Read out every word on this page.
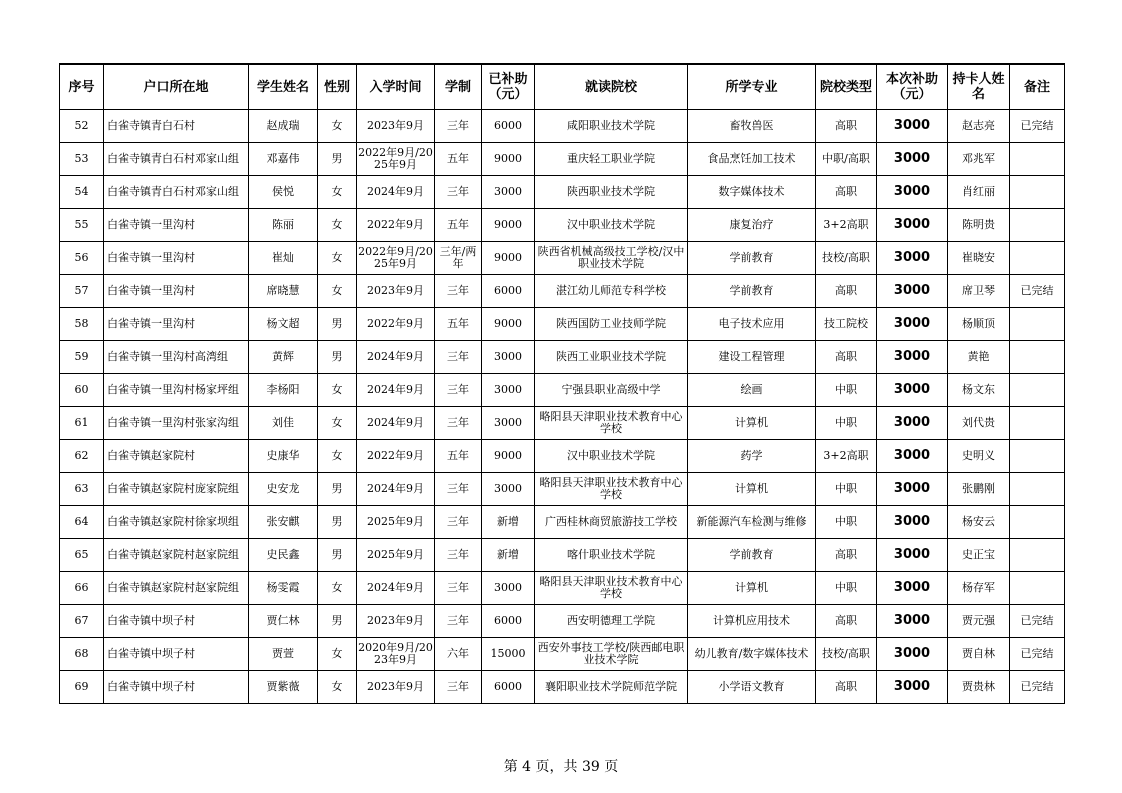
序号	户口所在地	学生姓名	性别	入学时间	学制	已补助（元）	就读院校	所学专业	院校类型	本次补助（元）	持卡人姓名	备注
52	白雀寺镇青白石村	赵成瑞	女	2023年9月	三年	6000	咸阳职业技术学院	畜牧兽医	高职	3000	赵志亮	已完结
53	白雀寺镇青白石村邓家山组	邓嘉伟	男	2022年9月/2025年9月	五年	9000	重庆轻工职业学院	食品烹饪加工技术	中职/高职	3000	邓兆军	
54	白雀寺镇青白石村邓家山组	侯悦	女	2024年9月	三年	3000	陕西职业技术学院	数字媒体技术	高职	3000	肖红丽	
55	白雀寺镇一里沟村	陈丽	女	2022年9月	五年	9000	汉中职业技术学院	康复治疗	3+2高职	3000	陈明贵	
56	白雀寺镇一里沟村	崔灿	女	2022年9月/2025年9月	三年/两年	9000	陕西省机械高级技工学校/汉中职业技术学院	学前教育	技校/高职	3000	崔晓安	
57	白雀寺镇一里沟村	席晓慧	女	2023年9月	三年	6000	湛江幼儿师范专科学校	学前教育	高职	3000	席卫琴	已完结
58	白雀寺镇一里沟村	杨文超	男	2022年9月	五年	9000	陕西国防工业技师学院	电子技术应用	技工院校	3000	杨顺顶	
59	白雀寺镇一里沟村高湾组	黄辉	男	2024年9月	三年	3000	陕西工业职业技术学院	建设工程管理	高职	3000	黄艳	
60	白雀寺镇一里沟村杨家坪组	李杨阳	女	2024年9月	三年	3000	宁强县职业高级中学	绘画	中职	3000	杨文东	
61	白雀寺镇一里沟村张家沟组	刘佳	女	2024年9月	三年	3000	略阳县天津职业技术教育中心学校	计算机	中职	3000	刘代贵	
62	白雀寺镇赵家院村	史康华	女	2022年9月	五年	9000	汉中职业技术学院	药学	3+2高职	3000	史明义	
63	白雀寺镇赵家院村庞家院组	史安龙	男	2024年9月	三年	3000	略阳县天津职业技术教育中心学校	计算机	中职	3000	张鹏刚	
64	白雀寺镇赵家院村徐家坝组	张安麒	男	2025年9月	三年	新增	广西桂林商贸旅游技工学校	新能源汽车检测与维修	中职	3000	杨安云	
65	白雀寺镇赵家院村赵家院组	史民鑫	男	2025年9月	三年	新增	喀什职业技术学院	学前教育	高职	3000	史正宝	
66	白雀寺镇赵家院村赵家院组	杨雯霞	女	2024年9月	三年	3000	略阳县天津职业技术教育中心学校	计算机	中职	3000	杨存军	
67	白雀寺镇中坝子村	贾仁林	男	2023年9月	三年	6000	西安明德理工学院	计算机应用技术	高职	3000	贾元强	已完结
68	白雀寺镇中坝子村	贾萱	女	2020年9月/2023年9月	六年	15000	西安外事技工学校/陕西邮电职业技术学院	幼儿教育/数字媒体技术	技校/高职	3000	贾自林	已完结
69	白雀寺镇中坝子村	贾紫薇	女	2023年9月	三年	6000	襄阳职业技术学院师范学院	小学语文教育	高职	3000	贾贵林	已完结
第 4 页，共 39 页
